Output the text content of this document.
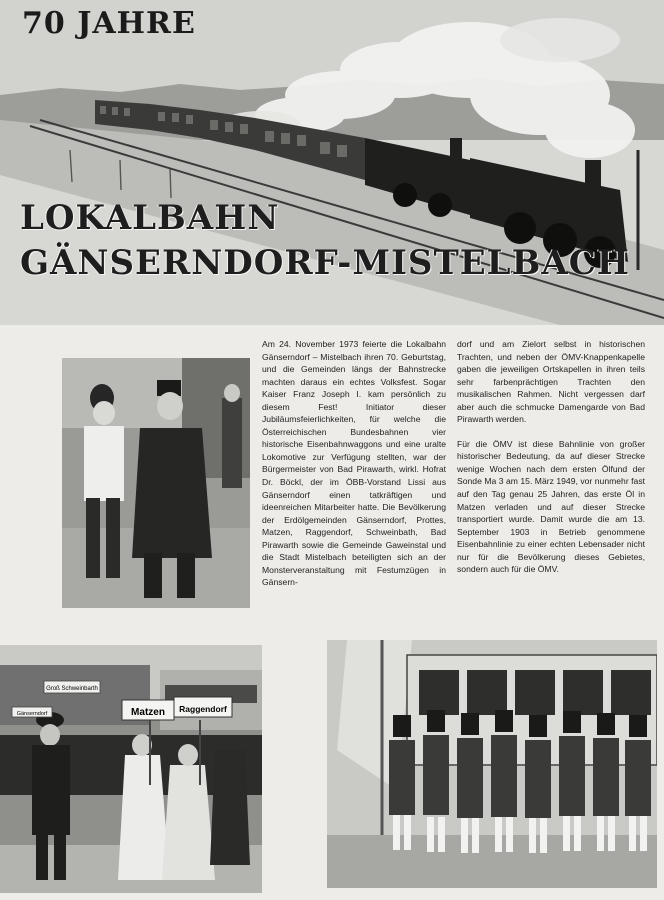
70 JAHRE
LOKALBAHN
GÄNSERNDORF-MISTELBACH

Am 24. November 1973 feierte die Lokalbahn Gänserndorf – Mistelbach ihren 70. Geburtstag, und die Gemeinden längs der Bahnstrecke machten daraus ein echtes Volksfest. Sogar Kaiser Franz Joseph I. kam persönlich zu diesem Fest! Initiator dieser Jubiläumsfeierlichkeiten, für welche die Österreichischen Bundesbahnen vier historische Eisenbahnwaggons und eine uralte Lokomotive zur Verfügung stellten, war der Bürgermeister von Bad Pirawarth, wirkl. Hofrat Dr. Böckl, der im ÖBB-Vorstand Lissi aus Gänserndorf einen tatkräftigen und ideenreichen Mitarbeiter hatte. Die Bevölkerung der Erdölgemeinden Gänserndorf, Prottes, Matzen, Raggendorf, Schweinbath, Bad Pirawarth sowie die Gemeinde Gaweinstal und die Stadt Mistelbach beteiligten sich an der Monsterveranstaltung mit Festumzügen in Gänsern-

dorf und am Zielort selbst in historischen Trachten, und neben der ÖMV-Knappenkapelle gaben die jeweiligen Ortskapellen in ihren teils sehr farbenprächtigen Trachten den musikalischen Rahmen. Nicht vergessen darf aber auch die schmucke Damengarde von Bad Pirawarth werden.

Für die ÖMV ist diese Bahnlinie von großer historischer Bedeutung, da auf dieser Strecke wenige Wochen nach dem ersten Ölfund der Sonde Ma 3 am 15. März 1949, vor nunmehr fast auf den Tag genau 25 Jahren, das erste Öl in Matzen verladen und auf dieser Strecke transportiert wurde. Damit wurde die am 13. September 1903 in Betrieb genommene Eisenbahnlinie zu einer echten Lebensader nicht nur für die Bevölkerung dieses Gebietes, sondern auch für die ÖMV.

Matzen Raggendorf
Groß Schweinbarth
Gänserndorf
